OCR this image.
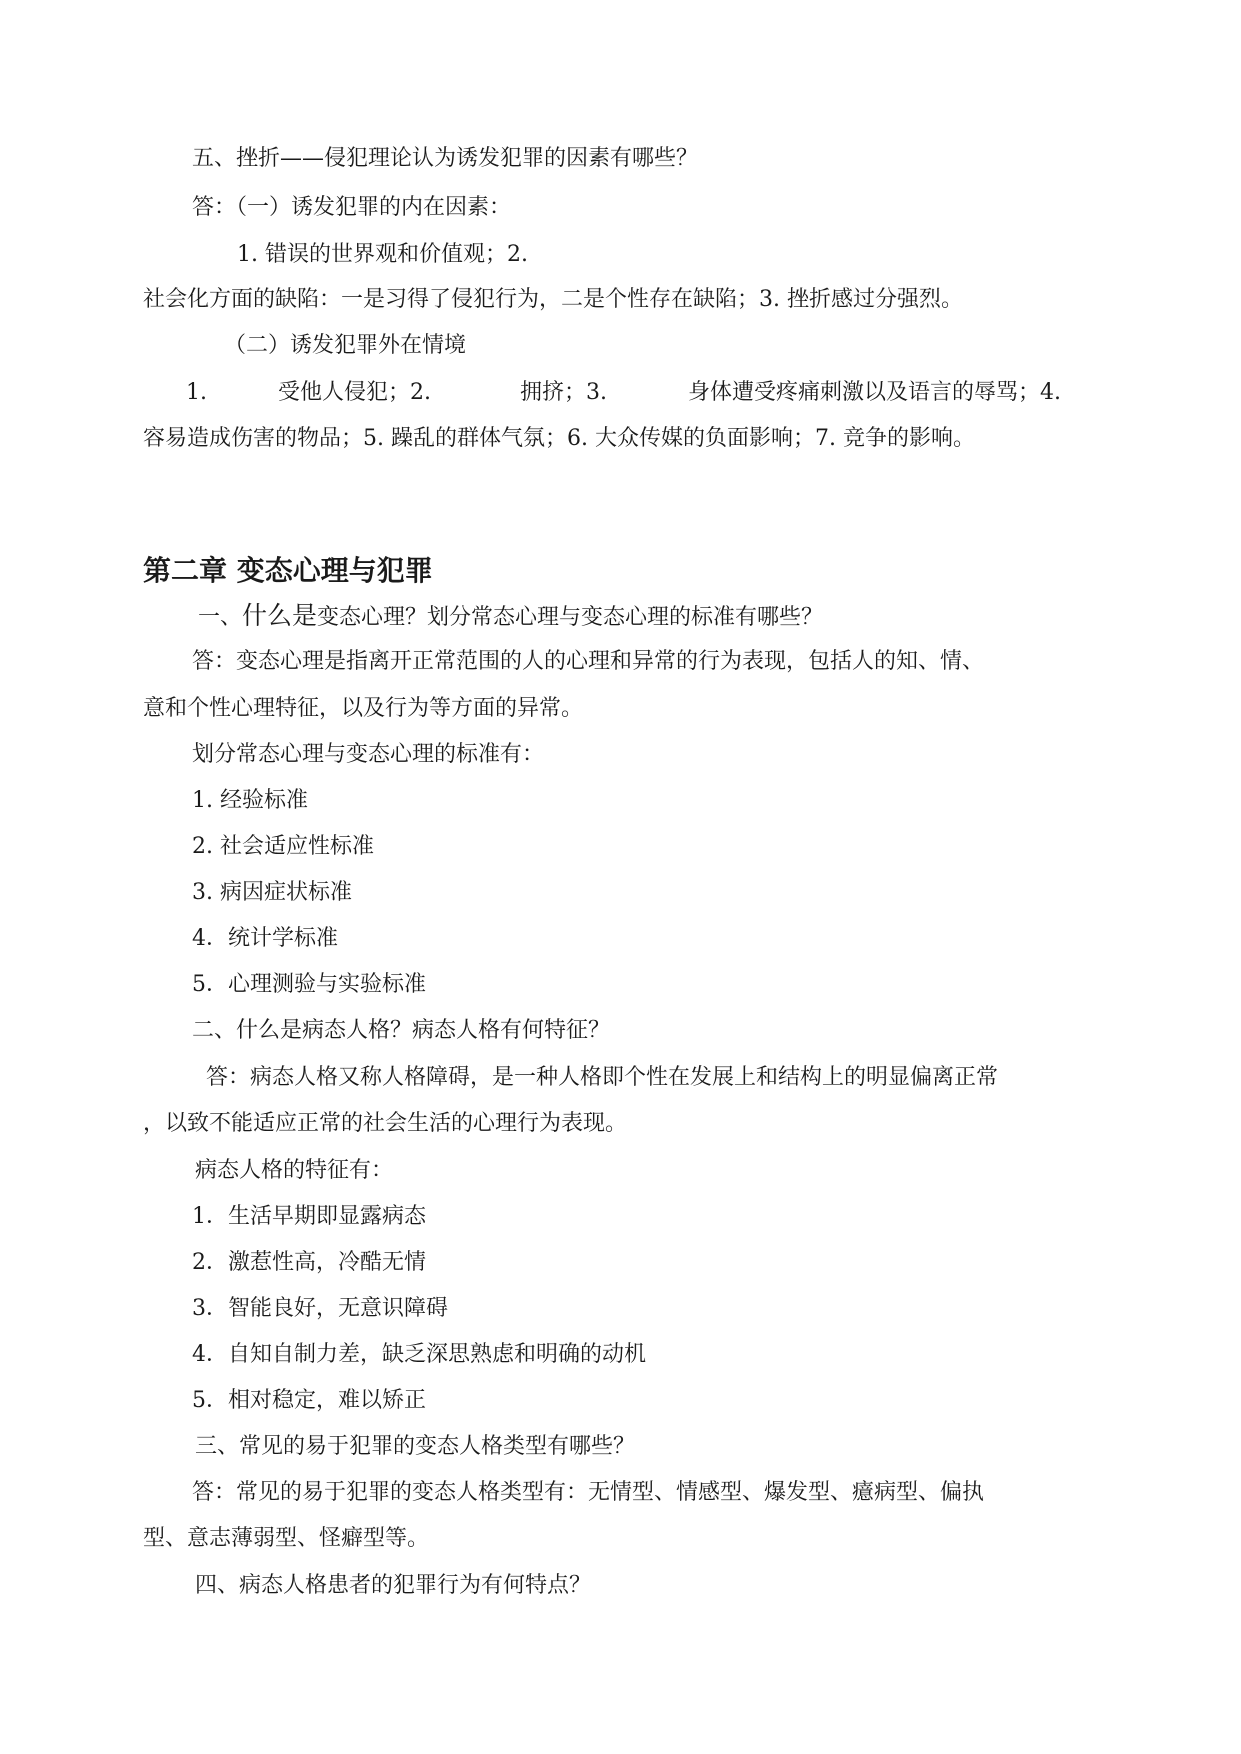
五、挫折——侵犯理论认为诱发犯罪的因素有哪些？
答：（一）诱发犯罪的内在因素：
1. 错误的世界观和价值观；2.
社会化方面的缺陷：一是习得了侵犯行为，二是个性存在缺陷；3. 挫折感过分强烈。
（二）诱发犯罪外在情境
1.	受他人侵犯；2.	拥挤；3.	身体遭受疼痛刺激以及语言的辱骂；4.
容易造成伤害的物品；5. 躁乱的群体气氛；6. 大众传媒的负面影响；7. 竞争的影响。
第二章 变态心理与犯罪
一、什么是变态心理？划分常态心理与变态心理的标准有哪些？
答：变态心理是指离开正常范围的人的心理和异常的行为表现，包括人的知、情、
意和个性心理特征，以及行为等方面的异常。
划分常态心理与变态心理的标准有：
1. 经验标准
2. 社会适应性标准
3. 病因症状标准
4．统计学标准
5．心理测验与实验标准
二、什么是病态人格？病态人格有何特征？
答：病态人格又称人格障碍，是一种人格即个性在发展上和结构上的明显偏离正常
，以致不能适应正常的社会生活的心理行为表现。
病态人格的特征有：
1．生活早期即显露病态
2．激惹性高，冷酷无情
3．智能良好，无意识障碍
4．自知自制力差，缺乏深思熟虑和明确的动机
5．相对稳定，难以矫正
三、常见的易于犯罪的变态人格类型有哪些？
答：常见的易于犯罪的变态人格类型有：无情型、情感型、爆发型、癔病型、偏执
型、意志薄弱型、怪癖型等。
四、病态人格患者的犯罪行为有何特点？
